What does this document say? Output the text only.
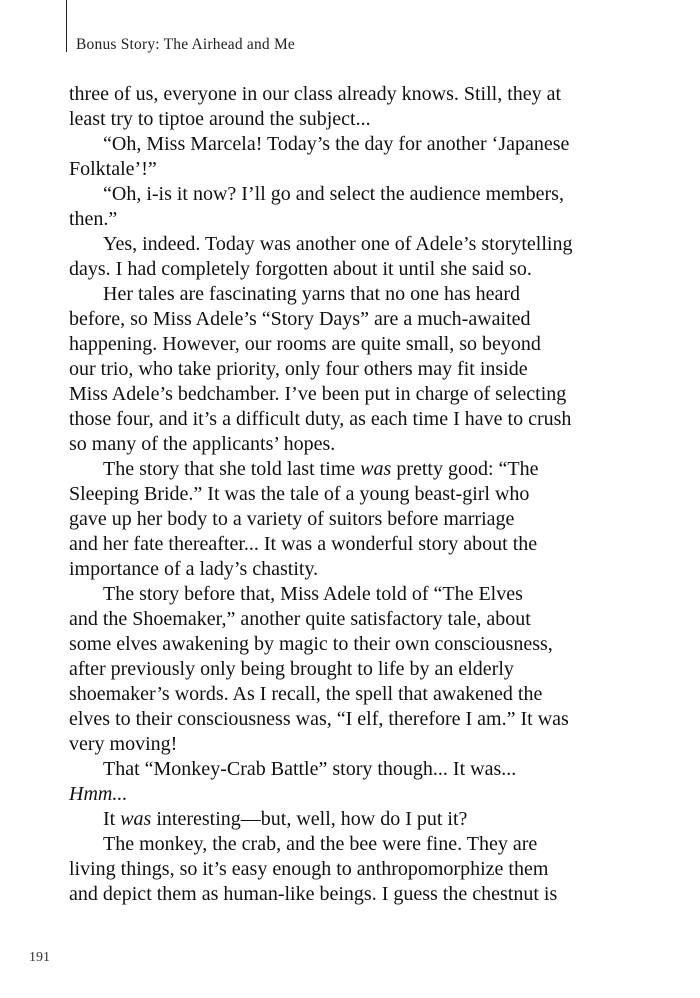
Bonus Story: The Airhead and Me
three of us, everyone in our class already knows. Still, they at
least try to tiptoe around the subject...
“Oh, Miss Marcela! Today’s the day for another ‘Japanese
Folktale’!”
“Oh, i-is it now? I’ll go and select the audience members,
then.”
Yes, indeed. Today was another one of Adele’s storytelling
days. I had completely forgotten about it until she said so.
Her tales are fascinating yarns that no one has heard
before, so Miss Adele’s “Story Days” are a much-awaited
happening. However, our rooms are quite small, so beyond
our trio, who take priority, only four others may fit inside
Miss Adele’s bedchamber. I’ve been put in charge of selecting
those four, and it’s a difficult duty, as each time I have to crush
so many of the applicants’ hopes.
The story that she told last time was pretty good: “The
Sleeping Bride.” It was the tale of a young beast-girl who
gave up her body to a variety of suitors before marriage
and her fate thereafter... It was a wonderful story about the
importance of a lady’s chastity.
The story before that, Miss Adele told of “The Elves
and the Shoemaker,” another quite satisfactory tale, about
some elves awakening by magic to their own consciousness,
after previously only being brought to life by an elderly
shoemaker’s words. As I recall, the spell that awakened the
elves to their consciousness was, “I elf, therefore I am.” It was
very moving!
That “Monkey-Crab Battle” story though... It was...
Hmm...
It was interesting—but, well, how do I put it?
The monkey, the crab, and the bee were fine. They are
living things, so it’s easy enough to anthropomorphize them
and depict them as human-like beings. I guess the chestnut is
191
